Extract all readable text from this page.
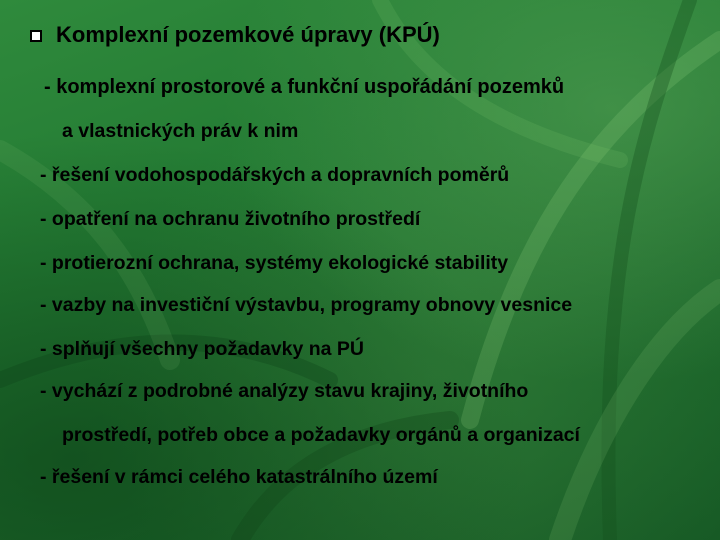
Komplexní pozemkové úpravy (KPÚ)
- komplexní prostorové a funkční uspořádání pozemků
a vlastnických práv k nim
- řešení vodohospodářských a dopravních poměrů
- opatření na ochranu životního prostředí
- protierozní ochrana, systémy ekologické stability
- vazby na investiční výstavbu, programy obnovy vesnice
- splňují všechny požadavky na PÚ
- vychází z podrobné analýzy stavu krajiny, životního
prostředí, potřeb obce a požadavky orgánů a organizací
- řešení v rámci celého katastrálního území
